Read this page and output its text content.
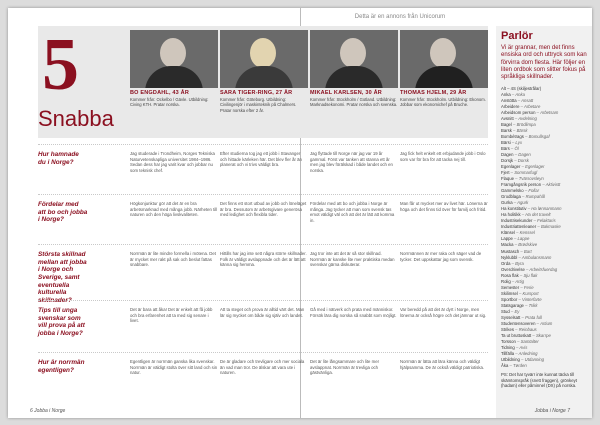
Detta är en annons från Unicorum
5
Snabba
BO ENGDAHL, 43 ÅR
Kommer från: Ockelbo / Gävle. Utbildning: Civing KTH. Pratar norska.
SARA TIGER-RING, 27 ÅR
Kommer från: Göteborg. Utbildning: Civilingenjör i maskinteknik på Chalmers. Pratar norska efter 2 år.
MIKAEL KARLSEN, 30 ÅR
Kommer från: Stockholm / Gotland. Utbildning: Marknadsekonomi. Pratar norska och svenska.
THOMAS HJELM, 29 ÅR
Kommer från: Stockholm. Utbildning: Ekonom. Jobbar som ekonomichef på Bruche.
Hur hamnade du i Norge?
Jag studerade i Trondheim, Norges Tekniska Naturvetenskapliga universitet 1984–1986. Sedan dess har jag varit kvar och jobbar nu som teknisk chef.
Efter studierna tog jag ett jobb i Stavanger och hittade kärleken här. Det blev fler år än planerat och vi trivs väldigt bra.
Jag flyttade till Norge när jag var 19 år gammal. Först var tanken att stanna ett år men jag blev förälskad i både landet och en norska.
Jag fick helt enkelt ett erbjudande jobb i Oslo som var för bra för att tacka nej till.
Fördelar med att bo och jobba i Norge?
Högkonjunktur gör att det är en bra arbetsmarknad med många jobb. Närheten till naturen och den höga livskvaliteten.
Det finns ett stort utbud av jobb och löneläget är bra. Dessutom är arbetsgivare generösa med ledighet och flexibla tider.
Fördelar med att bo och jobba i Norge är många. Jag tycker att man som svensk tas emot väldigt väl och att det är lätt att komma in.
Man får ut mycket mer av livet här. Lönerna är höga och det finns tid över för familj och fritid.
Största skillnad mellan att jobba i Norge och Sverige, samt eventuella kulturella skillnader?
Norrmän är lite mindre formella i mötena. Det är mycket mer rakt på sak och beslut fattas snabbare.
Hittills har jag inte sett några större skillnader. Folk är väldigt avslappnade och det är lätt att känna sig hemma.
Jag tror inte att det är så stor skillnad. Norrmän är kanske lite mer praktiska medan svenskar gärna diskuterar.
Norrmännen är mer raka och säger vad de tycker. Det uppskattar jag som svensk.
Tips till unga svenskar som vill prova på att jobba i Norge?
Det är bara att åka! Det är enkelt att få jobb och bra erfarenhet att ta med sig senare i livet.
Att ta steget och prova är alltid värt det. Man lär sig mycket om både sig själv och landet.
Gå med i nätverk och prata med människor. Försök lära dig norska så snabbt som möjligt.
Var beredd på att det är dyrt i Norge, men lönerna är också högre och det jämnar ut sig.
Hur är norrmän egentligen?
Egentligen är norrmän ganska lika svenskar. Norrmän är väldigt stolta över sitt land och sin natur.
De är gladare och trevligare och mer sociala än vad man tror. De älskar att vara ute i naturen.
Det är lite långsammare och lite mer avslappnat. Norrmän är trevliga och gästvänliga.
Norrmän är lätta att lära känna och väldigt hjälpsamma. De är också väldigt patriotiska.
Parlör
Vi är grannar, men det finns ensiska ord och uttryck som kan förvirra dom flesta. Här följer en liten ordbok som slitter fokus på språkliga skillnader.
Alt – 4S (skiljestrålar)
Anka – Anka
Anstötta – Ansatt
Arbeidere – Arbetare
Arbeidsom person – Arbetsam
Avsnitt – Avdelning
Bagel – Brödlimpa
Barsk – Bärsk
Bombétrags – Bomullsgaf
Bärsi – Lyx
Bärs – Öl
Dagen – Dagen
Dorsjk – Dorsk
Egenlager – Egenlager
Fjert – Sommarfugl
Flaque – Tvärsovsleyn
Framgångsrik person – Aktivistt
Gammelsko – Follar
Grodblaga – Rumpahål
Gurka – Agurk
Ha konstitutiv – Ha lønnanmann
Ha holitikk – Ha det travelt
Industrisekunder – Felaktaris
Industriattenleaner – Bakmaske
Klänsel – Kenssel
Lappe – Lappe
Macka – Brødskive
Mustasch – Bart
Nyklubbl – Ambulansmann
Orda – Byra
Overdrivelse – Arbeitsfuerdag
Rosa flak – Sju flak
Rolig – Artig
Semester – Ferie
Skilimsel – Kursport
Sportbor – Vinterfarte
Statsgarage – Trikk
Stud – Ey
Sysselsatt – Prata full
Studentensoveren – Artium
Strikes – Reinbaus
Ta ut bruttoskatt – Skarrpe
Torsson – Samtalter
Tidning – Avis
Tillfälla – Anledning
Utbildning – Utdanning
Åka – Tørden
PS: Det har tyvärr inte kunnat täcka till skämtomspråk (snett fraggen), grönkeyt (hadam) eller påminnel (DX) på norska.
6 Jobba i Norge	Jobba i Norge 7
